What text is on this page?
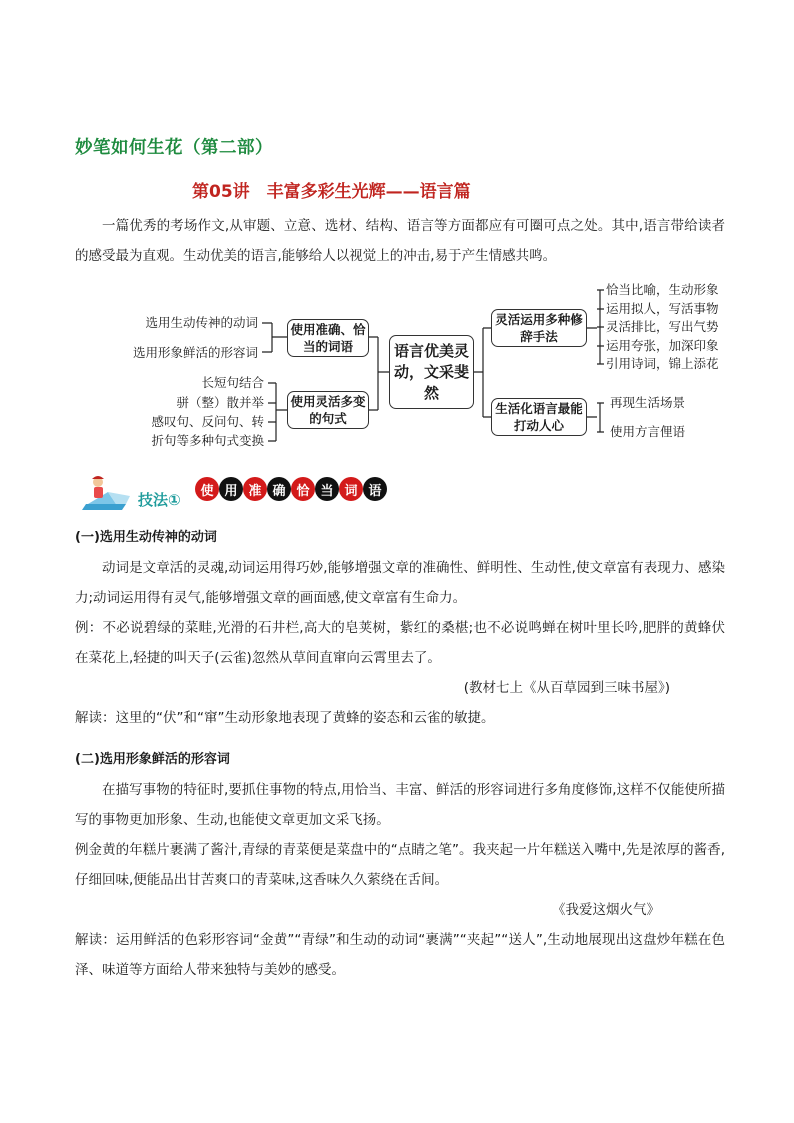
妙笔如何生花（第二部）
第05讲　丰富多彩生光辉——语言篇

一篇优秀的考场作文,从审题、立意、选材、结构、语言等方面都应有可圈可点之处。其中,语言带给读者的感受最为直观。生动优美的语言,能够给人以视觉上的冲击,易于产生情感共鸣。

使用准确、恰当的词语
使用灵活多变的句式
语言优美灵动，文采斐然
灵活运用多种修辞手法
生活化语言最能打动人心
选用生动传神的动词
选用形象鲜活的形容词
长短句结合
骈（整）散并举
感叹句、反问句、转
折句等多种句式变换
恰当比喻，生动形象
运用拟人，写活事物
灵活排比，写出气势
运用夸张，加深印象
引用诗词，锦上添花
再现生活场景
使用方言俚语
技法①	使 用 准 确 恰 当 词 语

(一)选用生动传神的动词

动词是文章活的灵魂,动词运用得巧妙,能够增强文章的准确性、鲜明性、生动性,使文章富有表现力、感染力;动词运用得有灵气,能够增强文章的画面感,使文章富有生命力。

例：不必说碧绿的菜畦,光滑的石井栏,高大的皂荚树，紫红的桑椹;也不必说鸣蝉在树叶里长吟,肥胖的黄蜂伏在菜花上,轻捷的叫天子(云雀)忽然从草间直窜向云霄里去了。

(教材七上《从百草园到三味书屋》)

解读：这里的“伏”和“窜”生动形象地表现了黄蜂的姿态和云雀的敏捷。

(二)选用形象鲜活的形容词

在描写事物的特征时,要抓住事物的特点,用恰当、丰富、鲜活的形容词进行多角度修饰,这样不仅能使所描写的事物更加形象、生动,也能使文章更加文采飞扬。

例金黄的年糕片裹满了酱汁,青绿的青菜便是菜盘中的“点睛之笔”。我夹起一片年糕送入嘴中,先是浓厚的酱香,仔细回味,便能品出甘苦爽口的青菜味,这香味久久萦绕在舌间。

《我爱这烟火气》

解读：运用鲜活的色彩形容词“金黄”“青绿”和生动的动词“裹满”“夹起”“送人”,生动地展现出这盘炒年糕在色泽、味道等方面给人带来独特与美妙的感受。
